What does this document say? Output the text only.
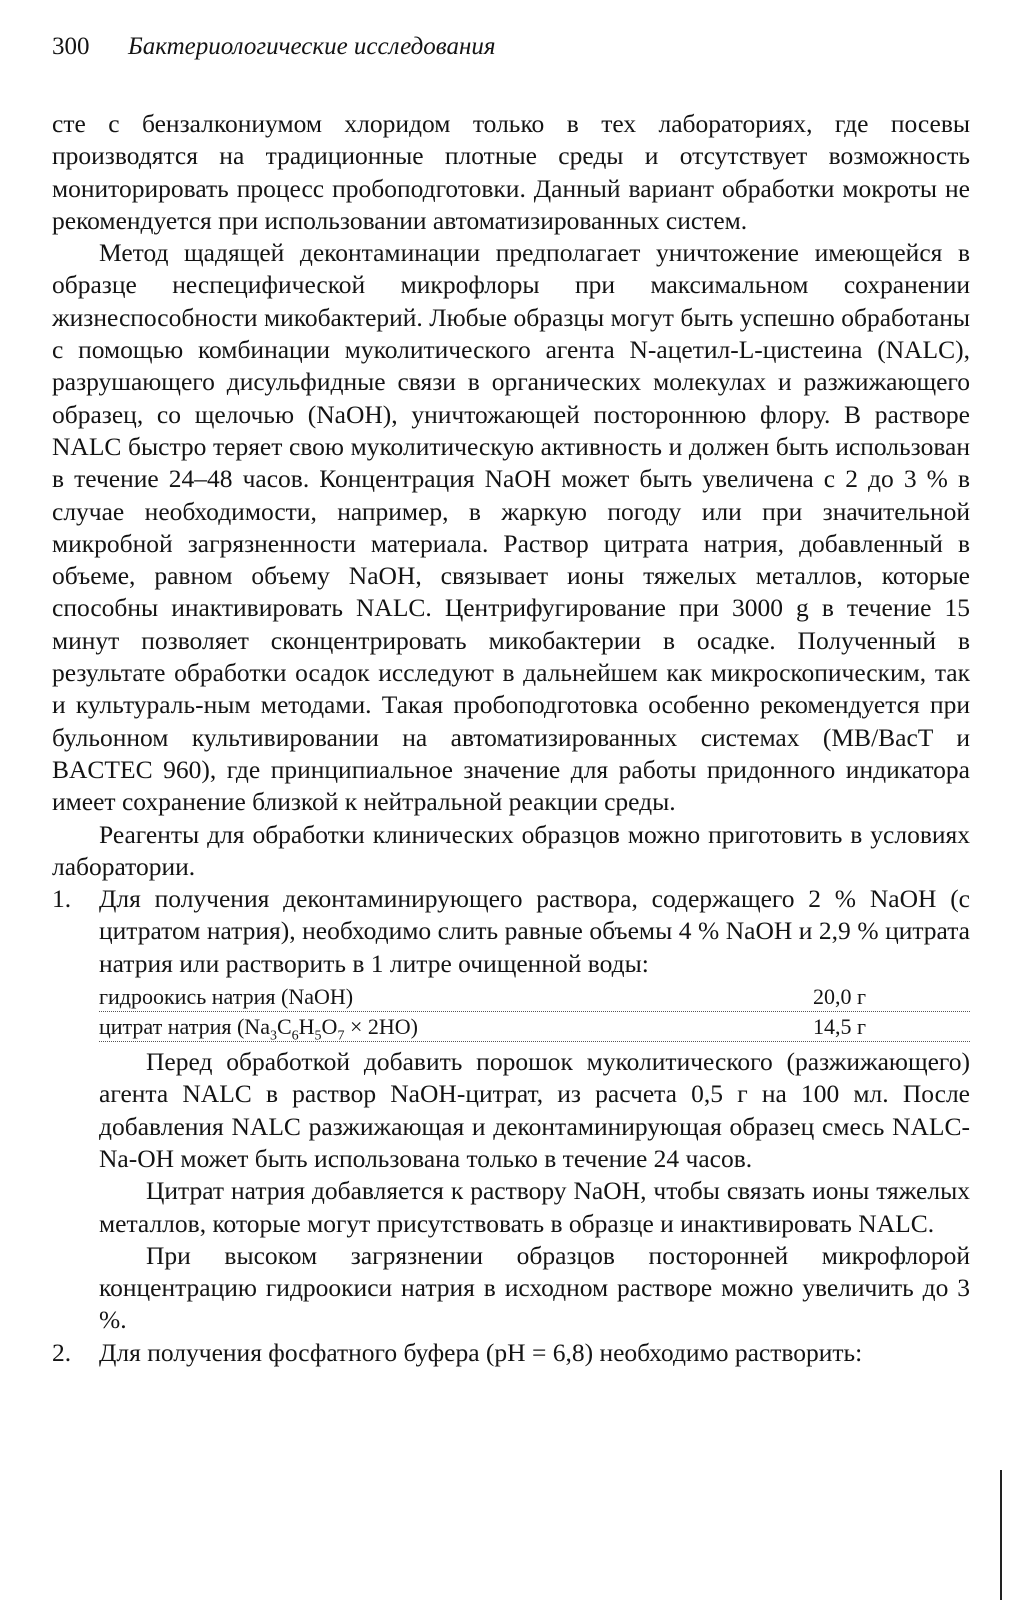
300 Бактериологические исследования

сте с бензалкониумом хлоридом только в тех лабораториях, где посевы производятся на традиционные плотные среды и отсутствует возможность мониторировать процесс пробоподготовки. Данный вариант обработки мокроты не рекомендуется при использовании автоматизированных систем.

Метод щадящей деконтаминации предполагает уничтожение имеющейся в образце неспецифической микрофлоры при максимальном сохранении жизнеспособности микобактерий. Любые образцы могут быть успешно обработаны с помощью комбинации муколитического агента N-ацетил-L-цистеина (NALC), разрушающего дисульфидные связи в органических молекулах и разжижающего образец, со щелочью (NaOH), уничтожающей постороннюю флору. В растворе NALC быстро теряет свою муколитическую активность и должен быть использован в течение 24–48 часов. Концентрация NaOH может быть увеличена с 2 до 3 % в случае необходимости, например, в жаркую погоду или при значительной микробной загрязненности материала. Раствор цитрата натрия, добавленный в объеме, равном объему NaOH, связывает ионы тяжелых металлов, которые способны инактивировать NALC. Центрифугирование при 3000 g в течение 15 минут позволяет сконцентрировать микобактерии в осадке. Полученный в результате обработки осадок исследуют в дальнейшем как микроскопическим, так и культураль-ным методами. Такая пробоподготовка особенно рекомендуется при бульонном культивировании на автоматизированных системах (MB/BacT и BACTEC 960), где принципиальное значение для работы придонного индикатора имеет сохранение близкой к нейтральной реакции среды.

Реагенты для обработки клинических образцов можно приготовить в условиях лаборатории.

1. Для получения деконтаминирующего раствора, содержащего 2 % NaOH (с цитратом натрия), необходимо слить равные объемы 4 % NaOH и 2,9 % цитрата натрия или растворить в 1 литре очищенной воды:

гидроокись натрия (NaOH)	20,0 г
цитрат натрия $(Na_3C_6H_5O_7 \times 2HO)$	14,5 г

Перед обработкой добавить порошок муколитического (разжижающего) агента NALC в раствор NaOH-цитрат, из расчета 0,5 г на 100 мл. После добавления NALC разжижающая и деконтаминирующая образец смесь NALC-Na-OH может быть использована только в течение 24 часов.

Цитрат натрия добавляется к раствору NaOH, чтобы связать ионы тяжелых металлов, которые могут присутствовать в образце и инактивировать NALC.

При высоком загрязнении образцов посторонней микрофлорой концентрацию гидроокиси натрия в исходном растворе можно увеличить до 3 %.

2. Для получения фосфатного буфера (pH = 6,8) необходимо растворить:
